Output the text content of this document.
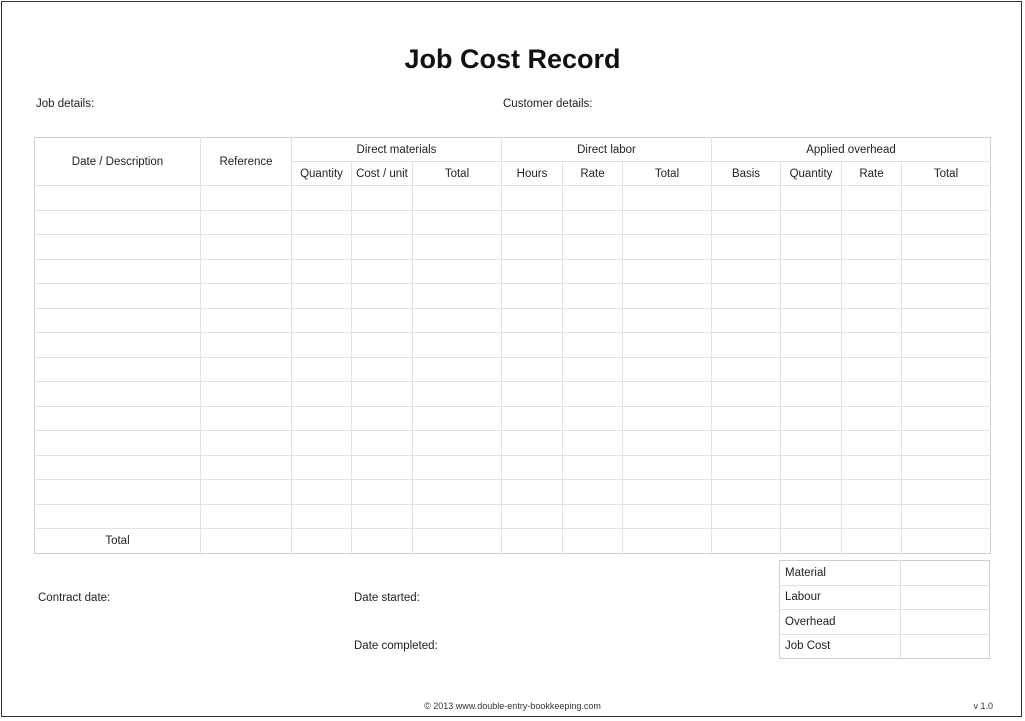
Job Cost Record
Job details:	Customer details:
Date / Description	Reference	Direct materials			Direct labor			Applied overhead			
		Quantity	Cost / unit	Total	Hours	Rate	Total	Basis	Quantity	Rate	Total

Total											
Contract date:	Date started:
Date completed:
Material	
Labour	
Overhead	
Job Cost	
© 2013 www.double-entry-bookkeeping.com	v 1.0
